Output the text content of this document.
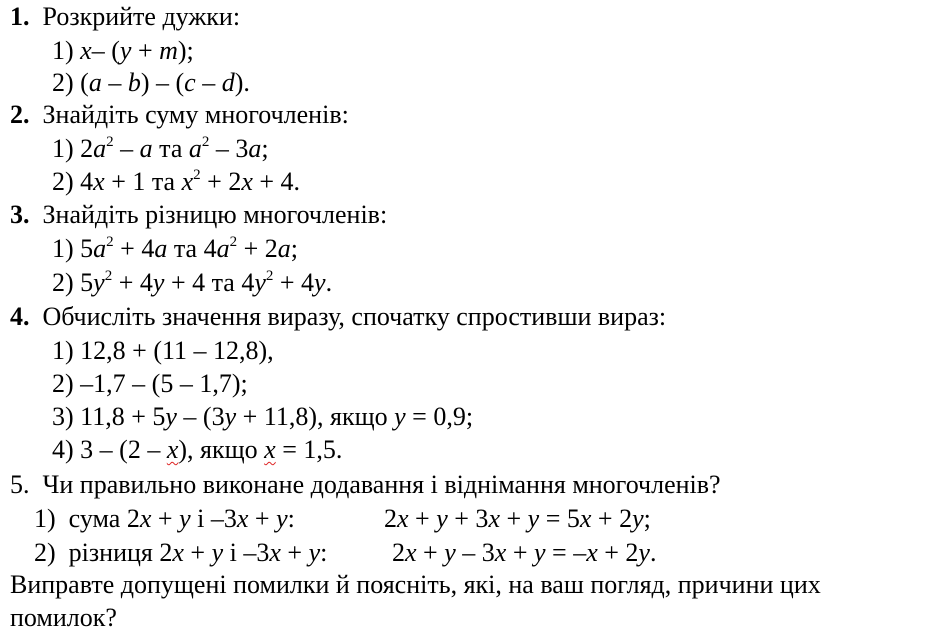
1. Розкрийте дужки:
1) x– (y + m);
2) (a – b) – (c – d).
2. Знайдіть суму многочленів:
1) $2a^2$ – a та $a^2 - 3a$;
2) 4x + 1 та $x^2 + 2x + 4$.
3. Знайдіть різницю многочленів:
1) $5a^2 + 4a$ та $4a^2 + 2a$;
2) $5y^2 + 4y + 4$ та $4y^2 + 4y$.
4. Обчисліть значення виразу, спочатку спростивши вираз:
1) 12,8 + (11 – 12,8),
2) –1,7 – (5 – 1,7);
3) 11,8 + 5y – (3y + 11,8), якщо y = 0,9;
4) 3 – (2 – x), якщо x = 1,5.
5. Чи правильно виконане додавання і віднімання многочленів?
1) сума 2x + y і –3x + y:	2x + y + 3x + y = 5x + 2y;
2) різниця 2x + y і –3x + y: 2x + y – 3x + y = –x + 2y.
Виправте допущені помилки й поясніть, які, на ваш погляд, причини цих
помилок?
